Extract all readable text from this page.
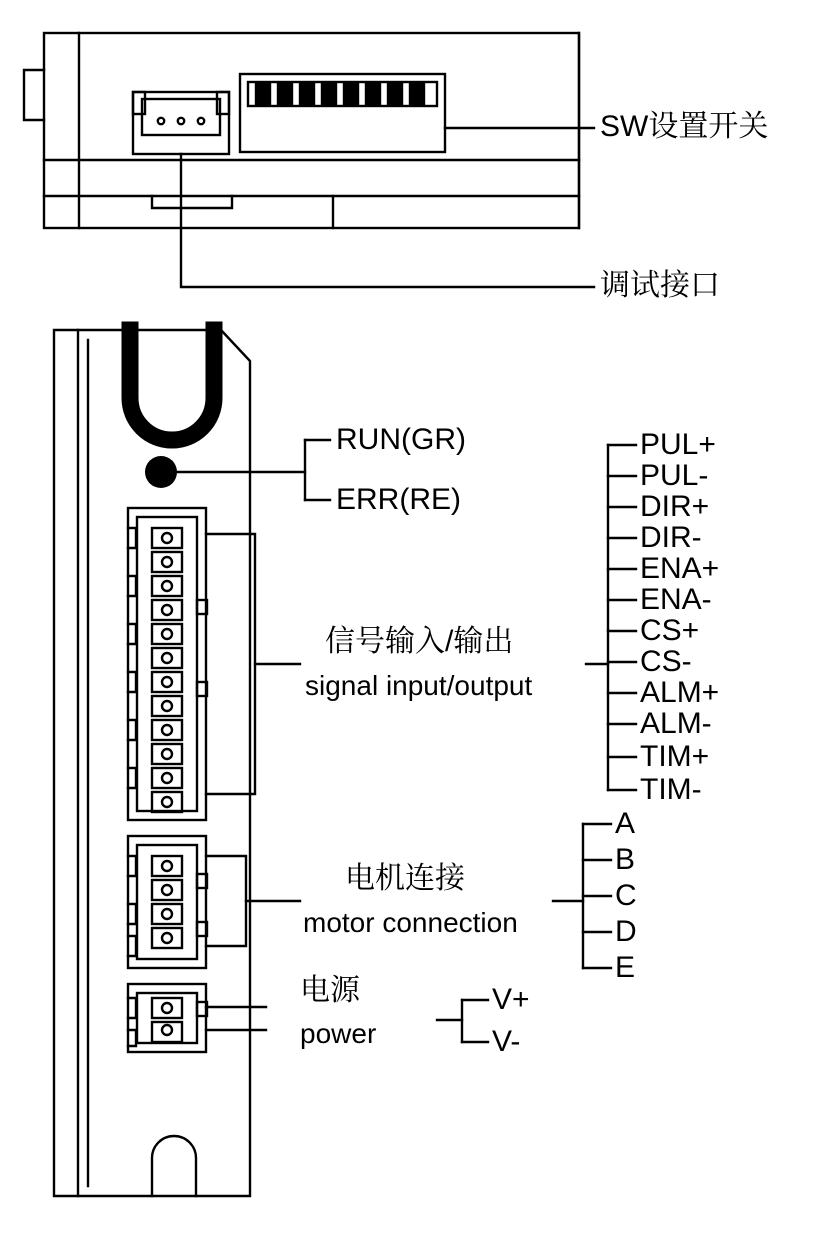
SW设置开关
调试接口
RUN(GR)
ERR(RE)
信号输入/输出
signal input/output
PUL+
PUL-
DIR+
DIR-
ENA+
ENA-
CS+
CS-
ALM+
ALM-
TIM+
TIM-
电机连接
motor connection
A
B
C
D
E
电源
power
V+
V-
